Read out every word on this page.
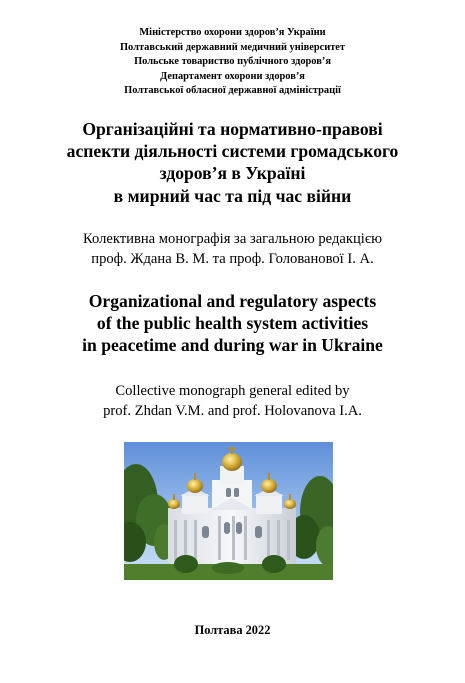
Міністерство охорони здоров’я України
Полтавський державний медичний університет
Польське товариство публічного здоров’я
Департамент охорони здоров’я
Полтавської обласної державної адміністрації
Організаційні та нормативно-правові
аспекти діяльності системи громадського
здоров’я в Україні
в мирний час та під час війни
Колективна монографія за загальною редакцією
проф. Ждана В. М. та проф. Голованової І. А.
Organizational and regulatory aspects
of the public health system activities
in peacetime and during war in Ukraine
Collective monograph general edited by
prof. Zhdan V.M. and prof. Holovanova I.A.
Полтава 2022
